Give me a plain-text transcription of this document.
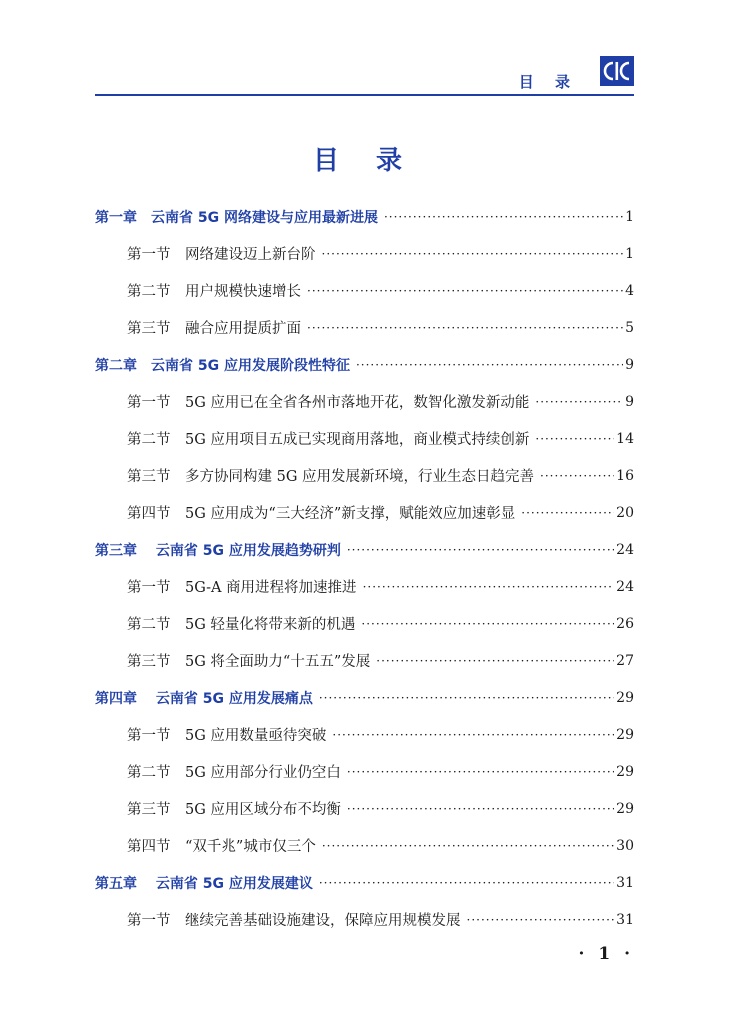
目 录
目 录
第一章　云南省 5G 网络建设与应用最新进展 ·····	1
第一节　网络建设迈上新台阶 ·····	1
第二节　用户规模快速增长 ·····	4
第三节　融合应用提质扩面 ·····	5
第二章　云南省 5G 应用发展阶段性特征 ·····	9
第一节　5G 应用已在全省各州市落地开花，数智化激发新动能 ·····	9
第二节　5G 应用项目五成已实现商用落地，商业模式持续创新 ·····	14
第三节　多方协同构建 5G 应用发展新环境，行业生态日趋完善 ·····	16
第四节　5G 应用成为“三大经济”新支撑，赋能效应加速彰显 ·····	20
第三章　 云南省 5G 应用发展趋势研判 ·····	24
第一节　5G-A 商用进程将加速推进 ·····	24
第二节　5G 轻量化将带来新的机遇 ·····	26
第三节　5G 将全面助力“十五五”发展 ·····	27
第四章　 云南省 5G 应用发展痛点 ·····	29
第一节　5G 应用数量亟待突破 ·····	29
第二节　5G 应用部分行业仍空白 ·····	29
第三节　5G 应用区域分布不均衡 ·····	29
第四节　“双千兆”城市仅三个 ·····	30
第五章　 云南省 5G 应用发展建议 ·····	31
第一节　继续完善基础设施建设，保障应用规模发展 ·····	31
· 1 ·
